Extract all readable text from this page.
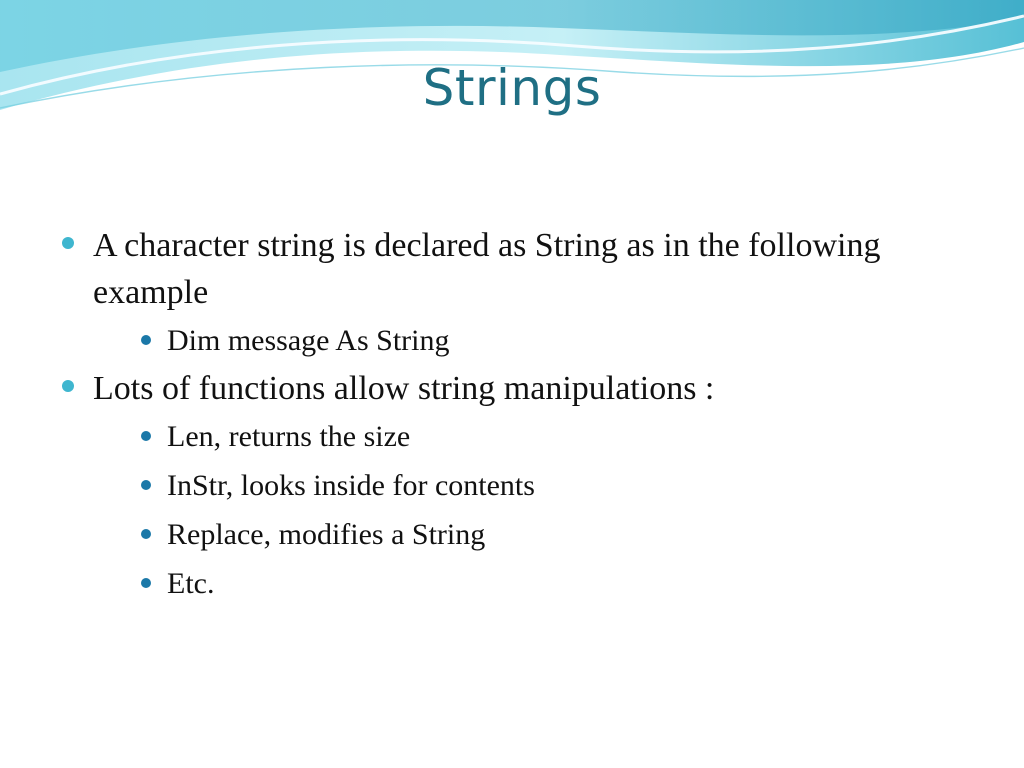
Strings
A character string is declared as String as in the following example
Dim message As String
Lots of functions allow string manipulations :
Len, returns the size
InStr, looks inside for contents
Replace, modifies a String
Etc.
